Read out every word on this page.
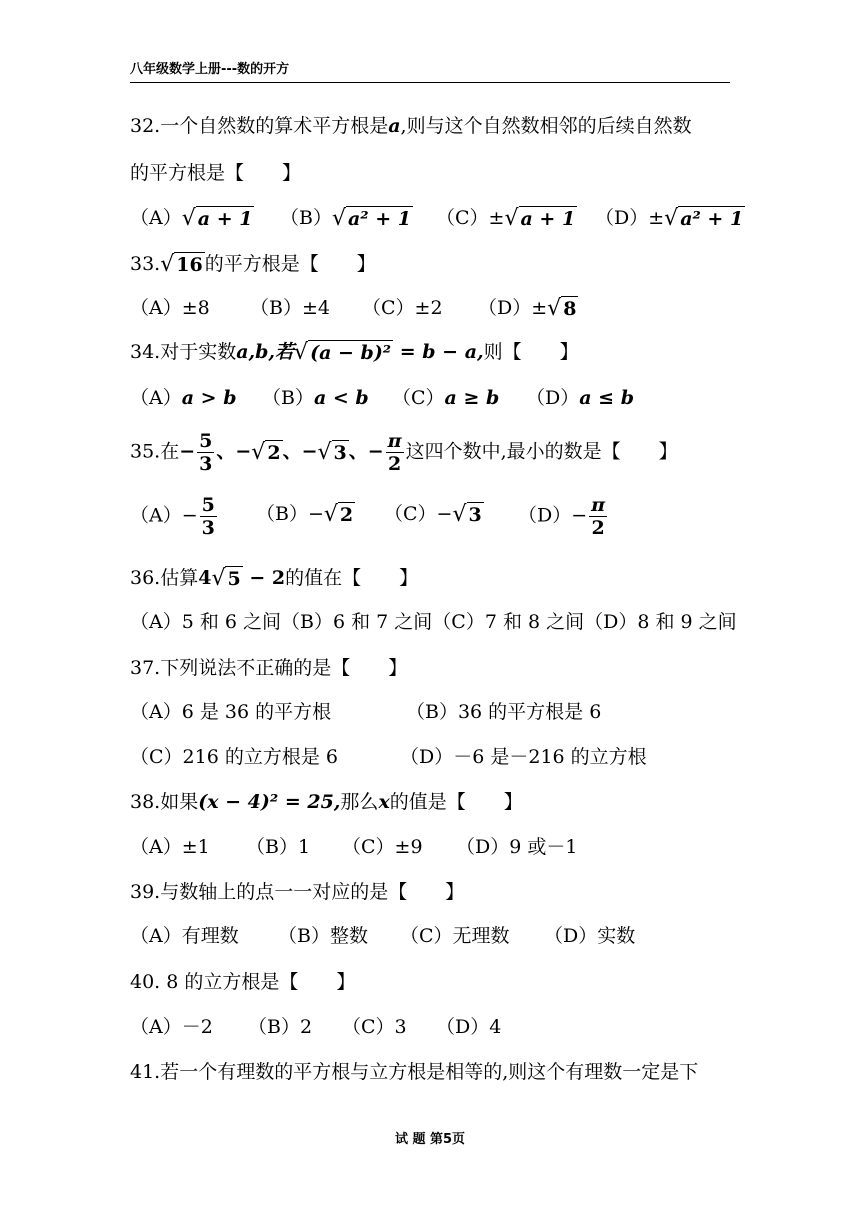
八年级数学上册---数的开方
32.一个自然数的算术平方根是a,则与这个自然数相邻的后续自然数
的平方根是【　　】
（A） √ a + 1 （B） √ a² + 1 （C）± √ a + 1 （D）± √ a² + 1
33. √ 16 的平方根是【　　】
（A）±8 （B）±4 （C）±2 （D）± √ 8
34.对于实数a,b,若 √ (a − b)² = b − a,则【　　】
（A）a > b （B）a < b （C）a ≥ b （D）a ≤ b
35.在− $\frac{5}{3}$ 、− √ 2 、− √ 3 、− $\frac{\pi}{2}$ 这四个数中,最小的数是【　　】
$(A)- \frac{5}{3} (B)-$ √ 2 （C）− √ 3 $(D)- \frac{\pi}{2}$
36.估算4 √ 5 − 2的值在【　　】
（A）5 和 6 之间（B）6 和 7 之间（C）7 和 8 之间（D）8 和 9 之间
37.下列说法不正确的是【　　】
（A）6 是 36 的平方根	（B）36 的平方根是 6
（C）216 的立方根是 6	（D）－6 是－216 的立方根
38.如果(x − 4)² = 25,那么x的值是【　　】
（A）±1 （B）1 （C）±9 （D）9 或－1
39.与数轴上的点一一对应的是【　　】
（A）有理数 （B）整数 （C）无理数 （D）实数
40. 8 的立方根是【　　】
（A）－2 （B）2 （C）3 （D）4
41.若一个有理数的平方根与立方根是相等的,则这个有理数一定是下
试 题 第5页
